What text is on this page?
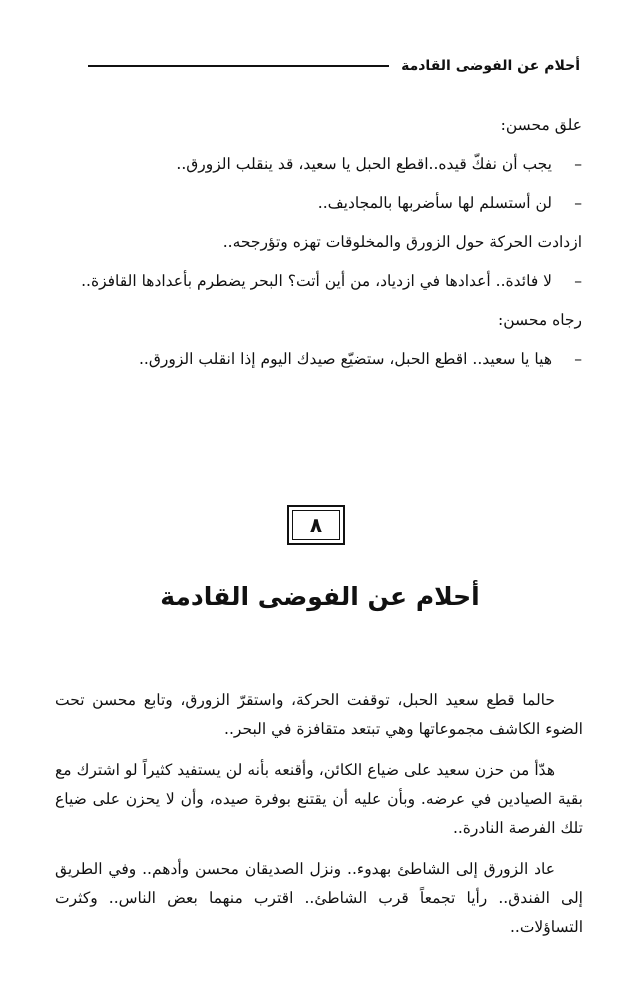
أحلام عن الفوضى القادمة

علق محسن:

–
يجب أن نفكّ قيده..اقطع الحبل يا سعيد، قد ينقلب الزورق..
–
لن أستسلم لها سأضربها بالمجاديف..

ازدادت الحركة حول الزورق والمخلوقات تهزه وتؤرجحه..

–
لا فائدة.. أعدادها في ازدياد، من أين أتت؟ البحر يضطرم بأعدادها القافزة..

رجاه محسن:

–
هيا يا سعيد.. اقطع الحبل، ستضيّع صيدك اليوم إذا انقلب الزورق..
٨
أحلام عن الفوضى القادمة

حالما قطع سعيد الحبل، توقفت الحركة، واستقرّ الزورق، وتابع محسن تحت الضوء الكاشف مجموعاتها وهي تبتعد متقافزة في البحر..

هدّأ من حزن سعيد على ضياع الكائن، وأقنعه بأنه لن يستفيد كثيراً لو اشترك مع بقية الصيادين في عرضه. وبأن عليه أن يقتنع بوفرة صيده، وأن لا يحزن على ضياع تلك الفرصة النادرة..

عاد الزورق إلى الشاطئ بهدوء.. ونزل الصديقان محسن وأدهم.. وفي الطريق إلى الفندق.. رأيا تجمعاً قرب الشاطئ.. اقترب منهما بعض الناس.. وكثرت التساؤلات..
